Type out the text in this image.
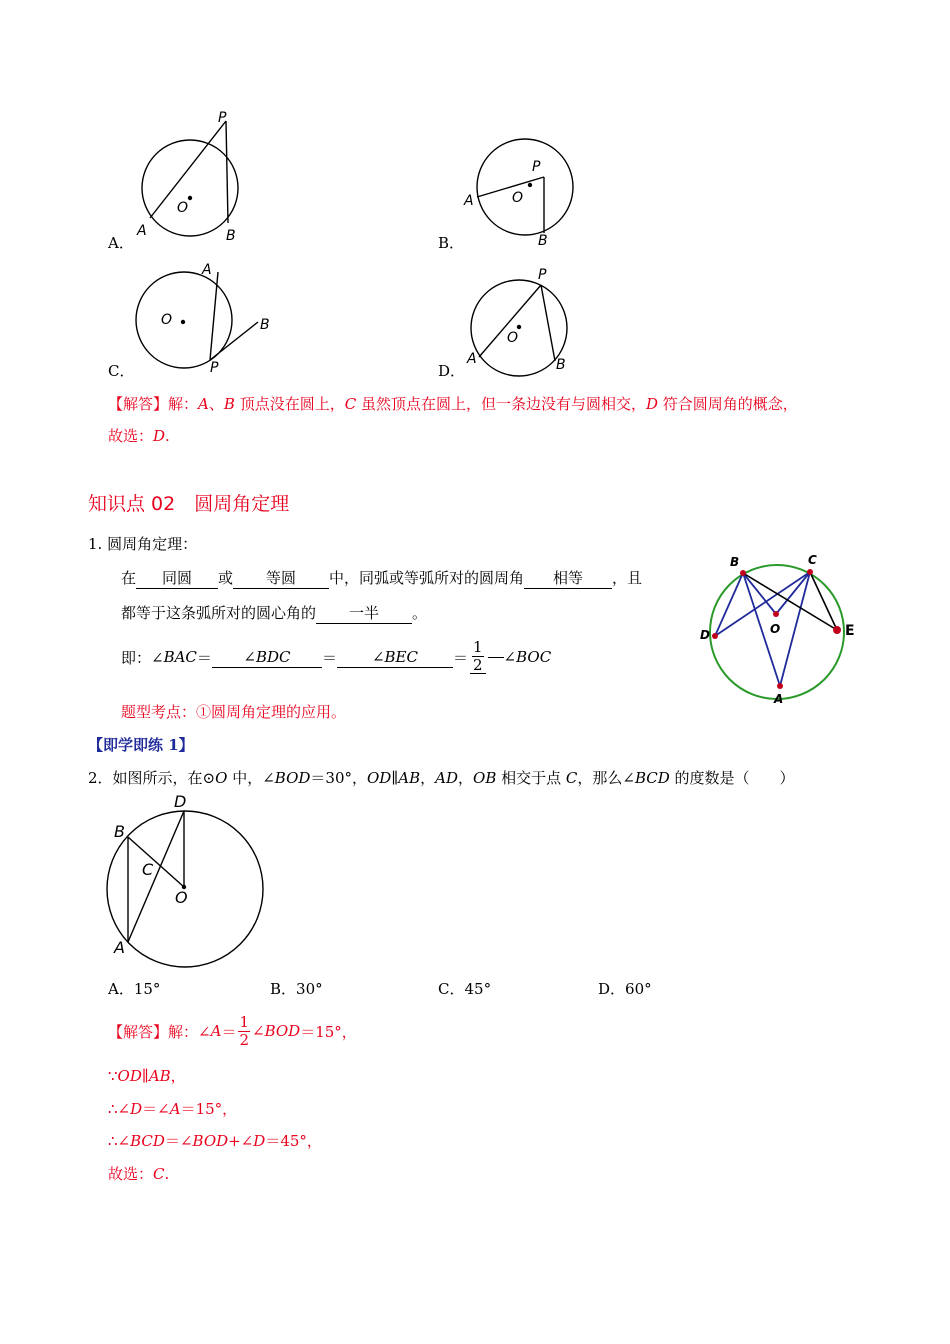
P
O
A	B
A．
P
O
A
B
B．
A
O	B
P
C．
P
O
A	B
D．
【解答】解：A、B 顶点没在圆上，C 虽然顶点在圆上，但一条边没有与圆相交，D 符合圆周角的概念，
故选：D.
知识点 02　圆周角定理
1. 圆周角定理：
在 同圆 或 等圆 中，同弧或等弧所对的圆周角 相等 ，且
都等于这条弧所对的圆心角的 一半 。
即：∠ BAC ＝	∠BDC	＝	∠BEC	＝ $\frac{1}{2}$ ∠ BOC
题型考点：①圆周角定理的应用。
B	C
D	O	E
A
【即学即练 1】
2．如图所示，在⊙O 中，∠BOD＝30°，OD∥AB，AD，OB 相交于点 C，那么∠BCD 的度数是（　　）
D
B
C
O
A
A．15°	B．30°	C．45°	D．60°
【解答】 解：∠ $A = \frac{1}{2}$ ∠ BOD ＝15°，
∵OD∥AB，
∴∠D＝∠A＝15°，
∴∠BCD＝∠BOD+∠D＝45°，
故选：C.
